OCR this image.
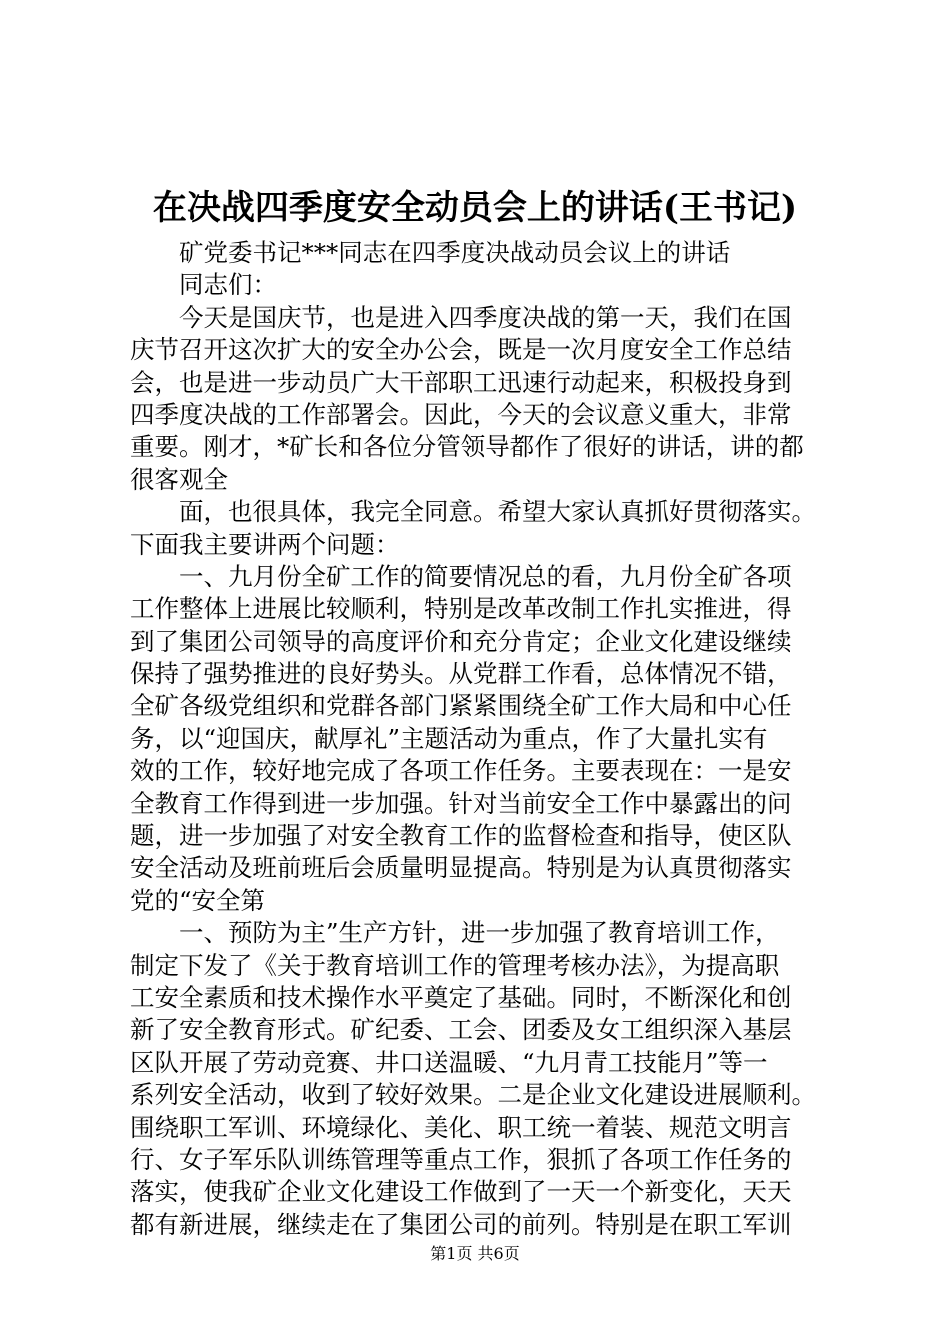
在决战四季度安全动员会上的讲话(王书记)
矿党委书记***同志在四季度决战动员会议上的讲话
同志们：
今天是国庆节，也是进入四季度决战的第一天，我们在国
庆节召开这次扩大的安全办公会，既是一次月度安全工作总结
会，也是进一步动员广大干部职工迅速行动起来，积极投身到
四季度决战的工作部署会。因此，今天的会议意义重大，非常
重要。刚才，*矿长和各位分管领导都作了很好的讲话，讲的都
很客观全
面，也很具体，我完全同意。希望大家认真抓好贯彻落实。
下面我主要讲两个问题：
一、九月份全矿工作的简要情况总的看，九月份全矿各项
工作整体上进展比较顺利，特别是改革改制工作扎实推进，得
到了集团公司领导的高度评价和充分肯定；企业文化建设继续
保持了强势推进的良好势头。从党群工作看，总体情况不错，
全矿各级党组织和党群各部门紧紧围绕全矿工作大局和中心任
务，以“迎国庆，献厚礼”主题活动为重点，作了大量扎实有
效的工作，较好地完成了各项工作任务。主要表现在：一是安
全教育工作得到进一步加强。针对当前安全工作中暴露出的问
题，进一步加强了对安全教育工作的监督检查和指导，使区队
安全活动及班前班后会质量明显提高。特别是为认真贯彻落实
党的“安全第
一、预防为主”生产方针，进一步加强了教育培训工作，
制定下发了《关于教育培训工作的管理考核办法》，为提高职
工安全素质和技术操作水平奠定了基础。同时，不断深化和创
新了安全教育形式。矿纪委、工会、团委及女工组织深入基层
区队开展了劳动竞赛、井口送温暖、“九月青工技能月”等一
系列安全活动，收到了较好效果。二是企业文化建设进展顺利。
围绕职工军训、环境绿化、美化、职工统一着装、规范文明言
行、女子军乐队训练管理等重点工作，狠抓了各项工作任务的
落实，使我矿企业文化建设工作做到了一天一个新变化，天天
都有新进展，继续走在了集团公司的前列。特别是在职工军训
第1页 共6页
